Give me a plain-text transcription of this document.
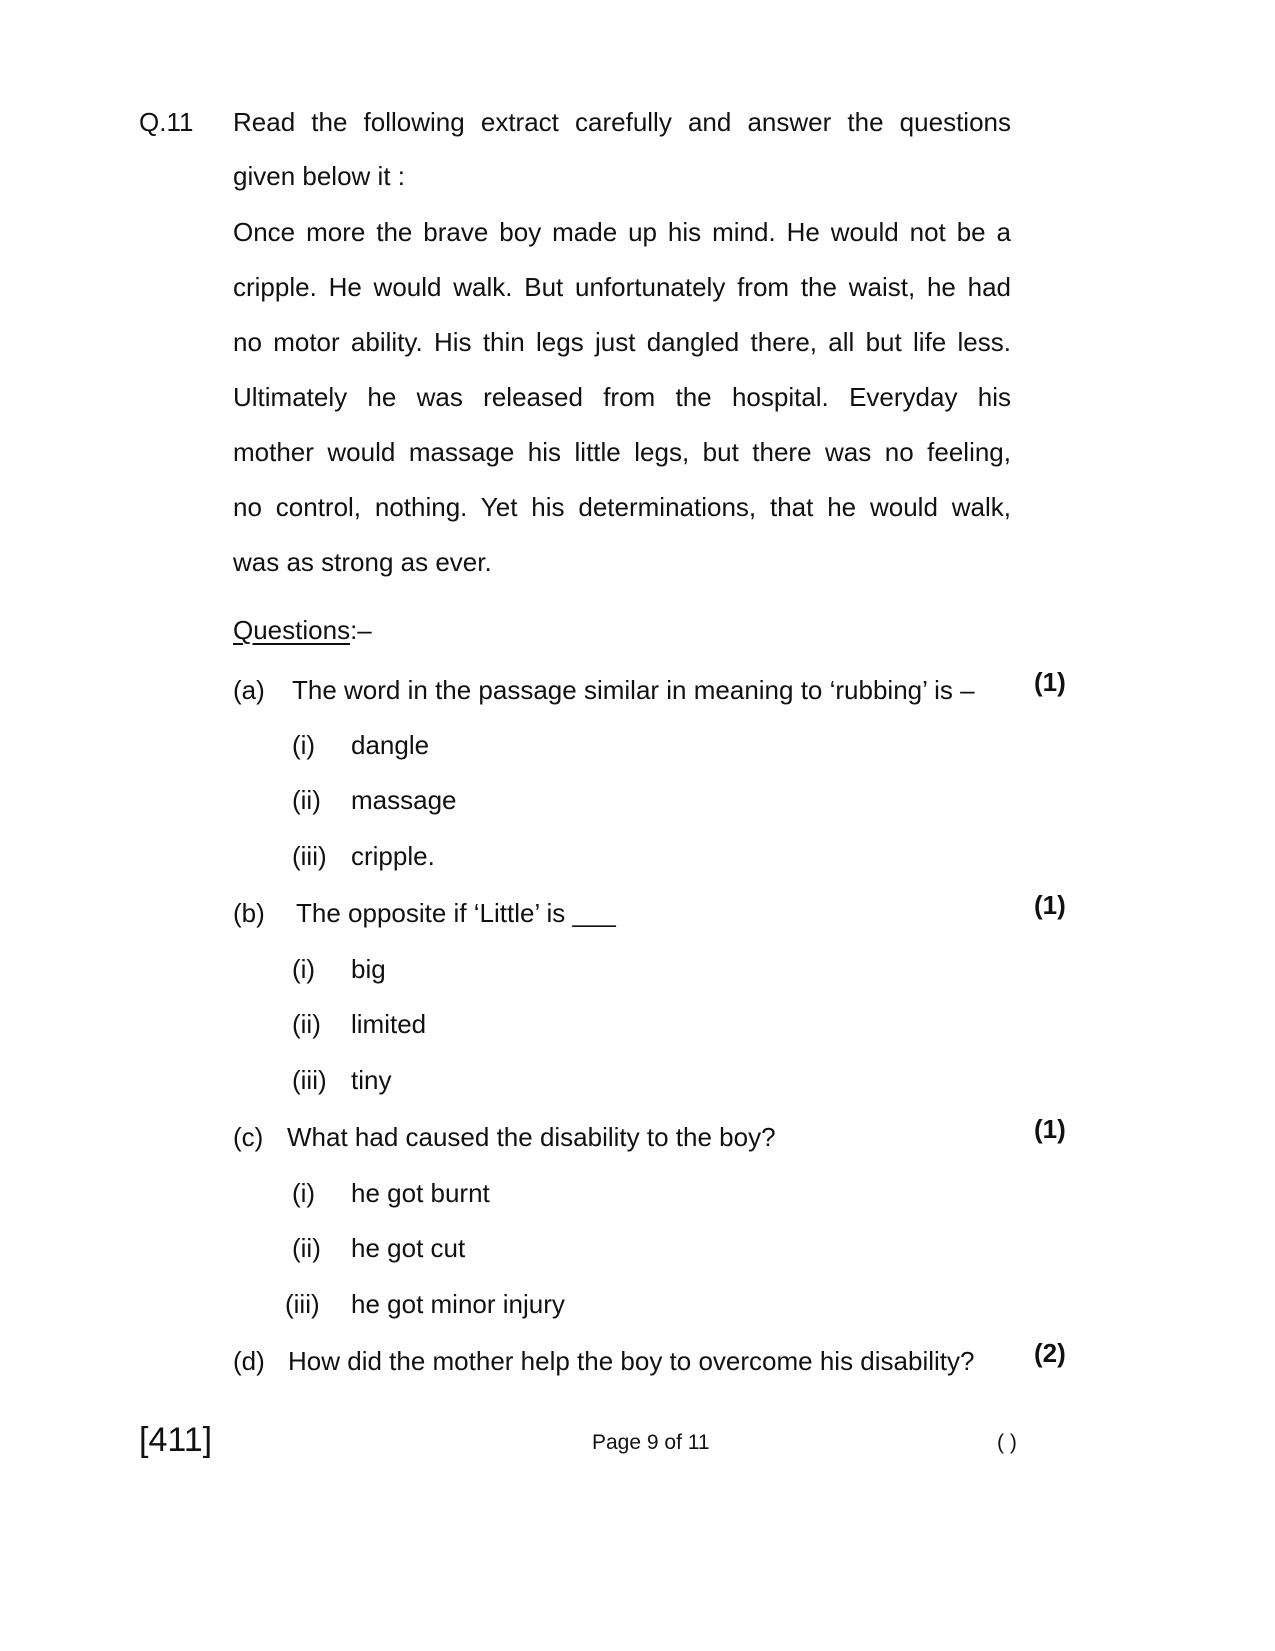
Q.11 Read the following extract carefully and answer the questions
given below it :
Once more the brave boy made up his mind. He would not be a
cripple. He would walk. But unfortunately from the waist, he had
no motor ability. His thin legs just dangled there, all but life less.
Ultimately he was released from the hospital. Everyday his
mother would massage his little legs, but there was no feeling,
no control, nothing. Yet his determinations, that he would walk,
was as strong as ever.
Questions:–
(a) The word in the passage similar in meaning to ‘rubbing’ is – (1)
(i) dangle
(ii) massage
(iii) cripple.
(b) The opposite if ‘Little’ is ___	(1)
(i) big
(ii) limited
(iii) tiny
(c) What had caused the disability to the boy?	(1)
(i) he got burnt
(ii) he got cut
(iii) he got minor injury
(d) How did the mother help the boy to overcome his disability? (2)
[411]	Page 9 of 11	( )
